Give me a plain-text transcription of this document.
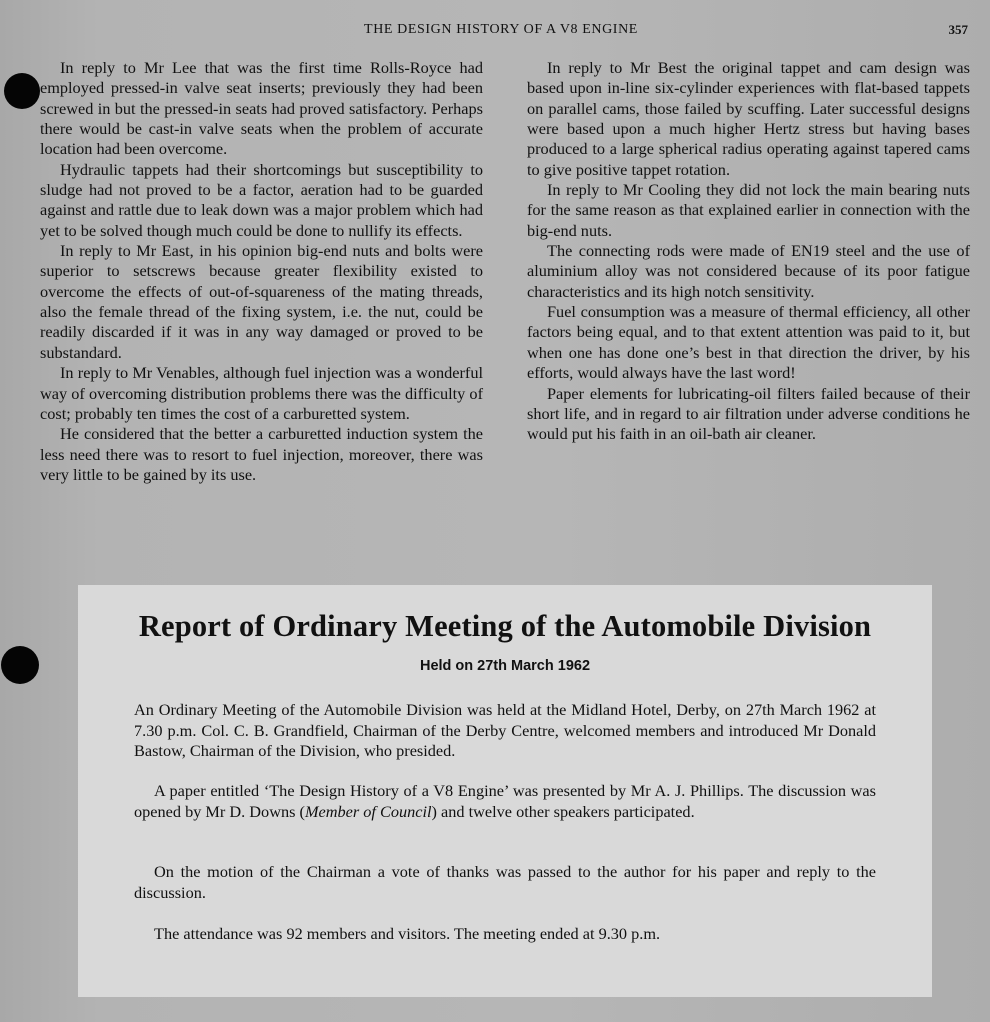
THE DESIGN HISTORY OF A V8 ENGINE	357

In reply to Mr Lee that was the first time Rolls-Royce had employed pressed-in valve seat inserts; previously they had been screwed in but the pressed-in seats had proved satisfactory. Perhaps there would be cast-in valve seats when the problem of accurate location had been overcome.

Hydraulic tappets had their shortcomings but susceptibility to sludge had not proved to be a factor, aeration had to be guarded against and rattle due to leak down was a major problem which had yet to be solved though much could be done to nullify its effects.

In reply to Mr East, in his opinion big-end nuts and bolts were superior to setscrews because greater flexibility existed to overcome the effects of out-of-squareness of the mating threads, also the female thread of the fixing system, i.e. the nut, could be readily discarded if it was in any way damaged or proved to be substandard.

In reply to Mr Venables, although fuel injection was a wonderful way of overcoming distribution problems there was the difficulty of cost; probably ten times the cost of a carburetted system.

He considered that the better a carburetted induction system the less need there was to resort to fuel injection, moreover, there was very little to be gained by its use.

In reply to Mr Best the original tappet and cam design was based upon in-line six-cylinder experiences with flat-based tappets on parallel cams, those failed by scuffing. Later successful designs were based upon a much higher Hertz stress but having bases produced to a large spherical radius operating against tapered cams to give positive tappet rotation.

In reply to Mr Cooling they did not lock the main bearing nuts for the same reason as that explained earlier in connection with the big-end nuts.

The connecting rods were made of EN19 steel and the use of aluminium alloy was not considered because of its poor fatigue characteristics and its high notch sensitivity.

Fuel consumption was a measure of thermal efficiency, all other factors being equal, and to that extent attention was paid to it, but when one has done one’s best in that direction the driver, by his efforts, would always have the last word!

Paper elements for lubricating-oil filters failed because of their short life, and in regard to air filtration under adverse conditions he would put his faith in an oil-bath air cleaner.

Report of Ordinary Meeting of the Automobile Division
Held on 27th March 1962

An Ordinary Meeting of the Automobile Division was held at the Midland Hotel, Derby, on 27th March 1962 at 7.30 p.m. Col. C. B. Grandfield, Chairman of the Derby Centre, welcomed members and introduced Mr Donald Bastow, Chairman of the Division, who presided.

A paper entitled ‘The Design History of a V8 Engine’ was presented by Mr A. J. Phillips. The discussion was opened by Mr D. Downs (Member of Council) and twelve other speakers participated.

On the motion of the Chairman a vote of thanks was passed to the author for his paper and reply to the discussion.

The attendance was 92 members and visitors. The meeting ended at 9.30 p.m.
